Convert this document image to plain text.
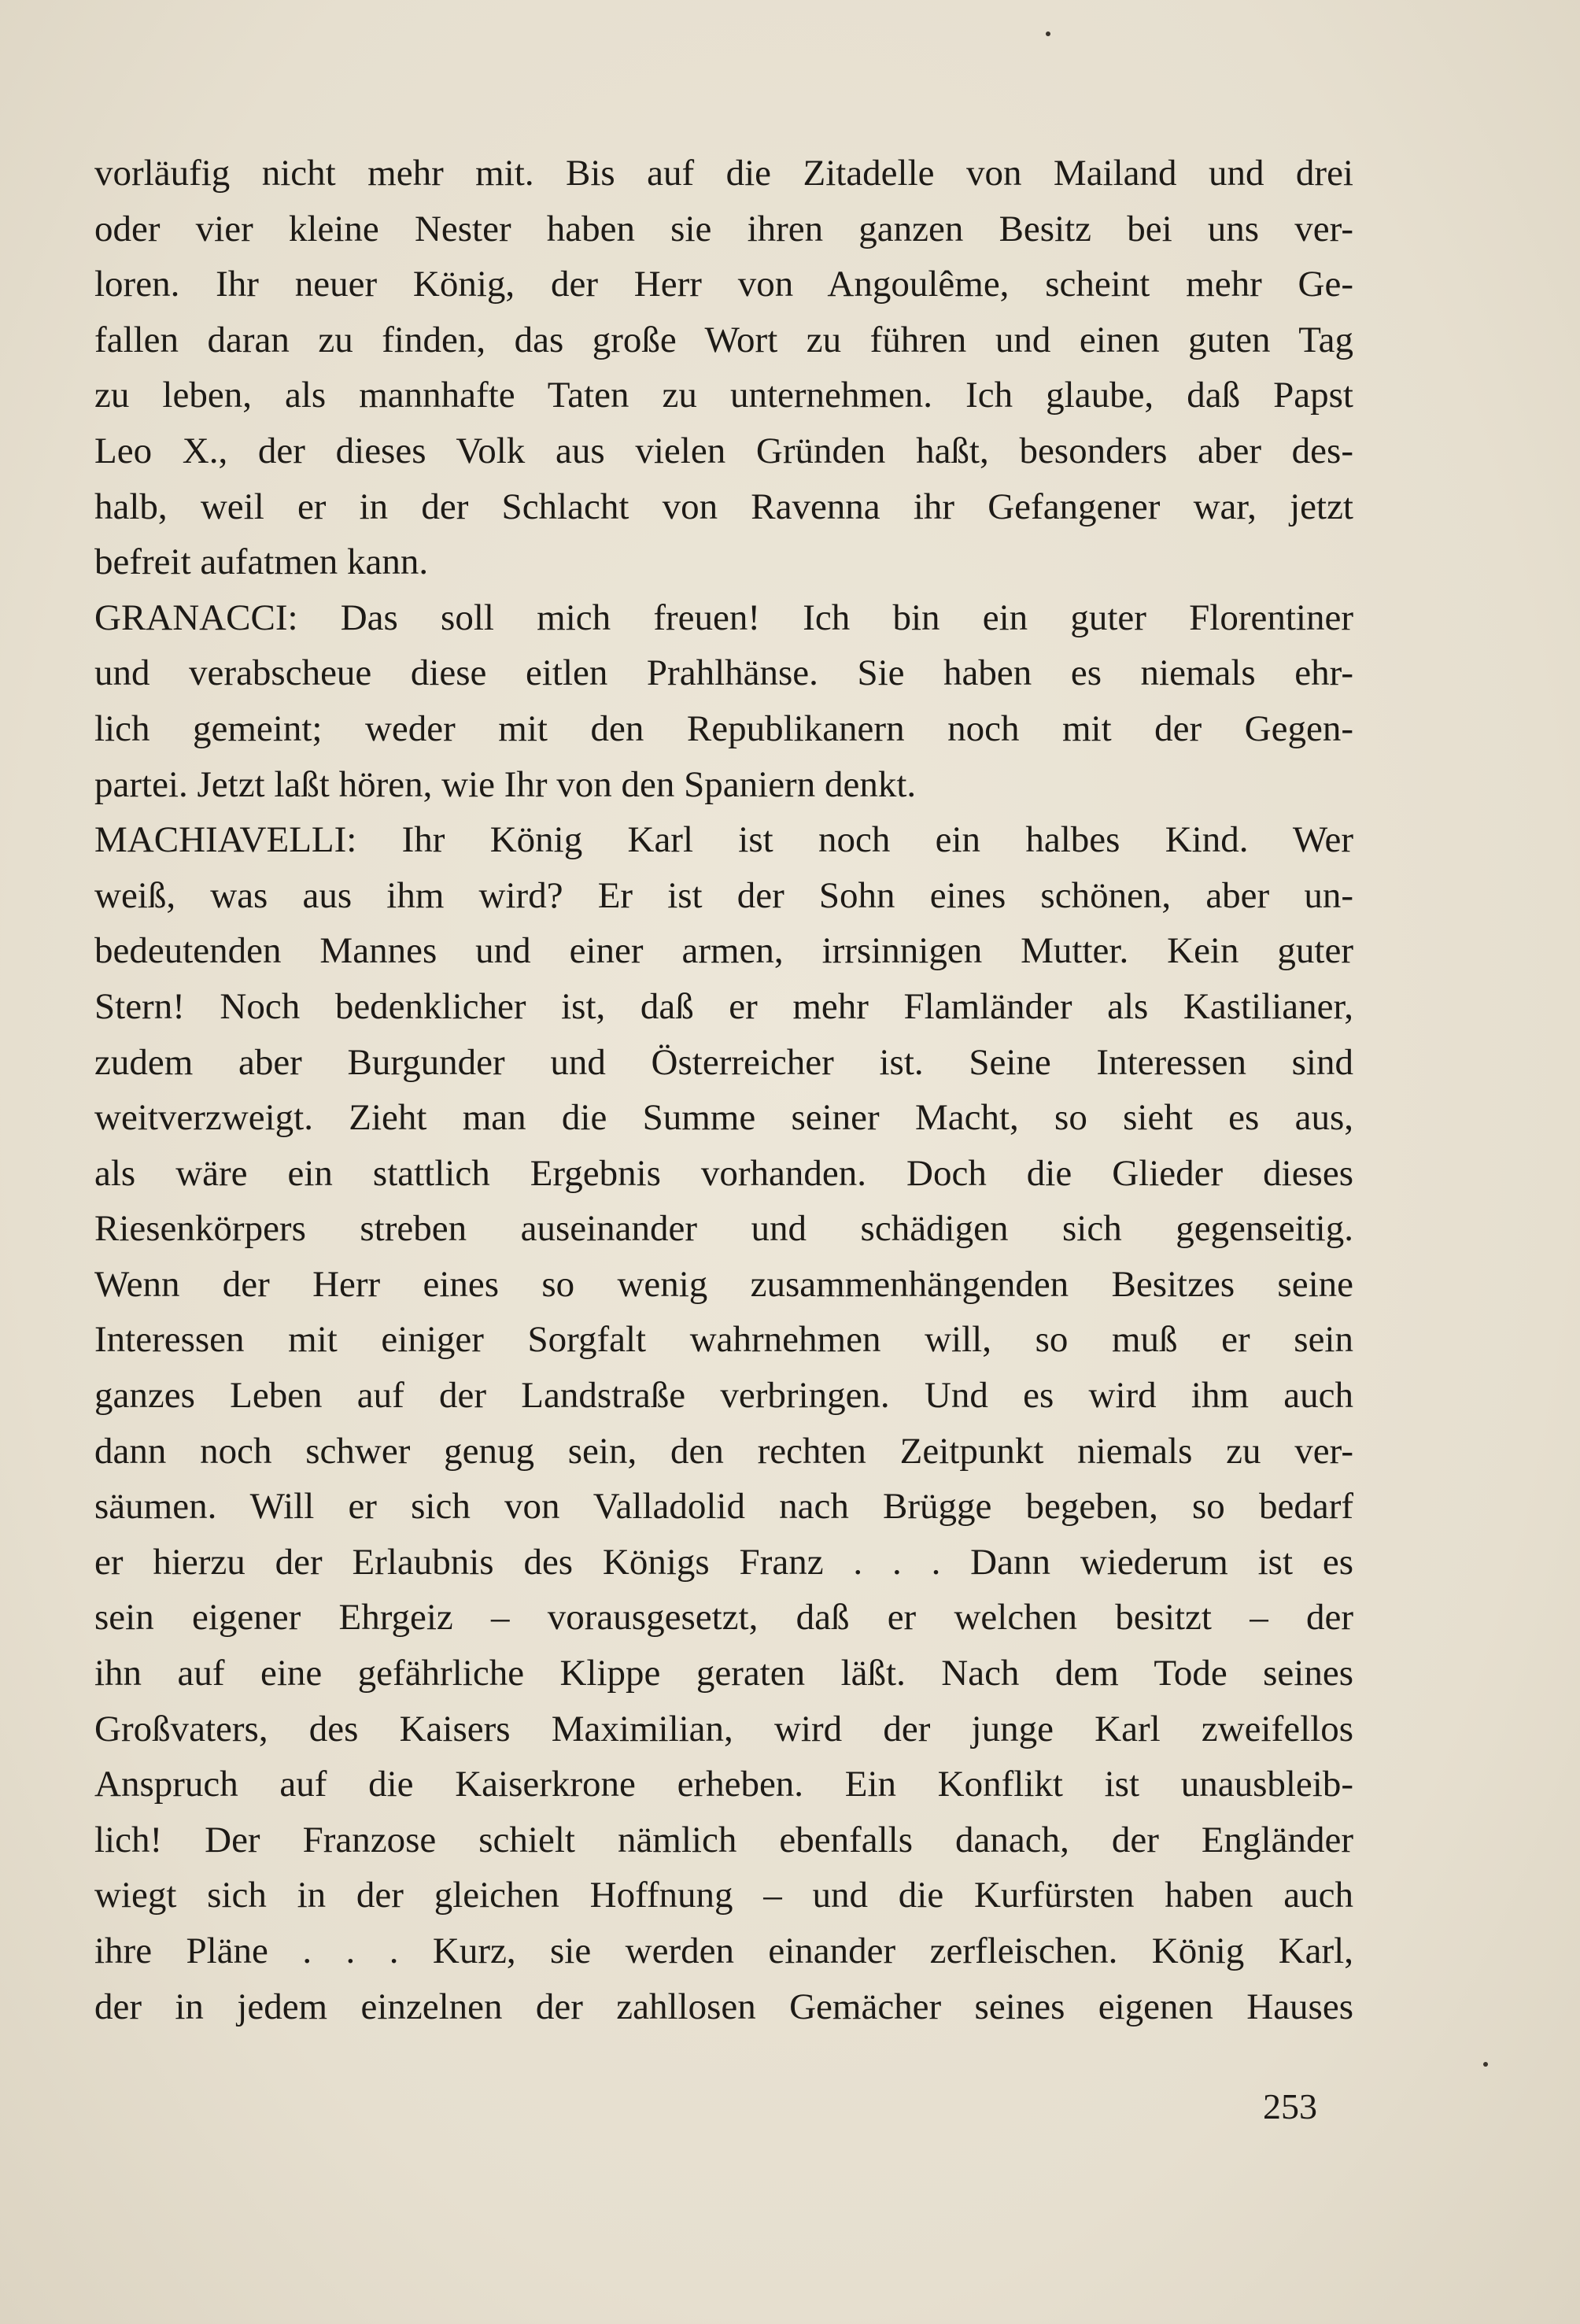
vorläufig nicht mehr mit. Bis auf die Zitadelle von Mailand und drei
oder vier kleine Nester haben sie ihren ganzen Besitz bei uns ver-
loren. Ihr neuer König, der Herr von Angoulême, scheint mehr Ge-
fallen daran zu finden, das große Wort zu führen und einen guten Tag
zu leben, als mannhafte Taten zu unternehmen. Ich glaube, daß Papst
Leo X., der dieses Volk aus vielen Gründen haßt, besonders aber des-
halb, weil er in der Schlacht von Ravenna ihr Gefangener war, jetzt
befreit aufatmen kann.
GRANACCI: Das soll mich freuen! Ich bin ein guter Florentiner
und verabscheue diese eitlen Prahlhänse. Sie haben es niemals ehr-
lich gemeint; weder mit den Republikanern noch mit der Gegen-
partei. Jetzt laßt hören, wie Ihr von den Spaniern denkt.
MACHIAVELLI: Ihr König Karl ist noch ein halbes Kind. Wer
weiß, was aus ihm wird? Er ist der Sohn eines schönen, aber un-
bedeutenden Mannes und einer armen, irrsinnigen Mutter. Kein guter
Stern! Noch bedenklicher ist, daß er mehr Flamländer als Kastilianer,
zudem aber Burgunder und Österreicher ist. Seine Interessen sind
weitverzweigt. Zieht man die Summe seiner Macht, so sieht es aus,
als wäre ein stattlich Ergebnis vorhanden. Doch die Glieder dieses
Riesenkörpers streben auseinander und schädigen sich gegenseitig.
Wenn der Herr eines so wenig zusammenhängenden Besitzes seine
Interessen mit einiger Sorgfalt wahrnehmen will, so muß er sein
ganzes Leben auf der Landstraße verbringen. Und es wird ihm auch
dann noch schwer genug sein, den rechten Zeitpunkt niemals zu ver-
säumen. Will er sich von Valladolid nach Brügge begeben, so bedarf
er hierzu der Erlaubnis des Königs Franz . . . Dann wiederum ist es
sein eigener Ehrgeiz – vorausgesetzt, daß er welchen besitzt – der
ihn auf eine gefährliche Klippe geraten läßt. Nach dem Tode seines
Großvaters, des Kaisers Maximilian, wird der junge Karl zweifellos
Anspruch auf die Kaiserkrone erheben. Ein Konflikt ist unausbleib-
lich! Der Franzose schielt nämlich ebenfalls danach, der Engländer
wiegt sich in der gleichen Hoffnung – und die Kurfürsten haben auch
ihre Pläne . . . Kurz, sie werden einander zerfleischen. König Karl,
der in jedem einzelnen der zahllosen Gemächer seines eigenen Hauses
253
